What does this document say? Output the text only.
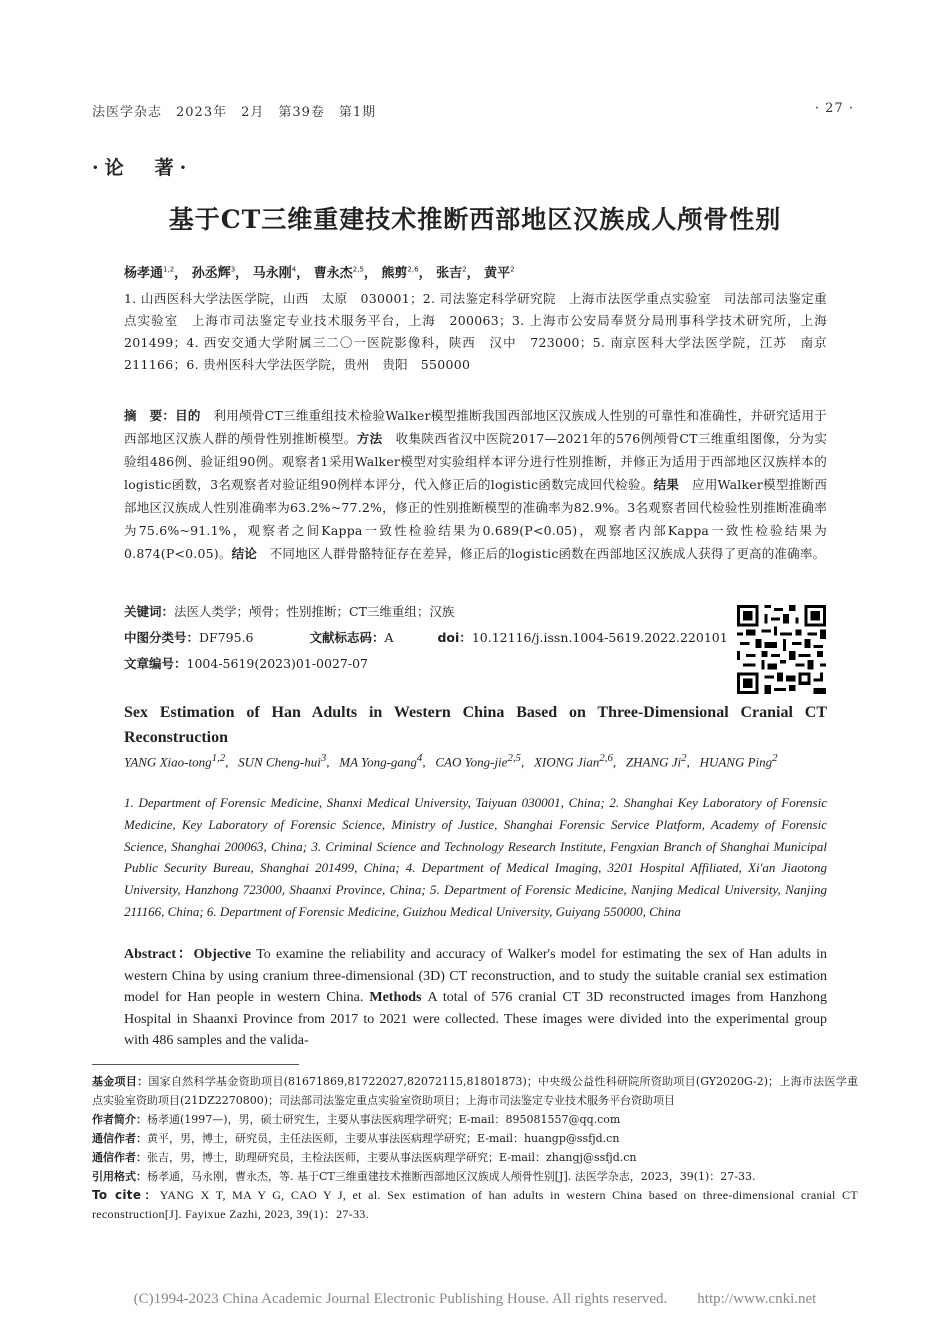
法医学杂志　2023年　2月　第39卷　第1期	· 27 ·
·论　著·
基于CT三维重建技术推断西部地区汉族成人颅骨性别
杨孝通$^{1,2}$， 孙丞辉$^3$， 马永刚$^4$， 曹永杰$^{2,5}$， 熊剪$^{2,6}$， 张吉$^2$， 黄平$^2$
1. 山西医科大学法医学院，山西　太原　030001；2. 司法鉴定科学研究院　上海市法医学重点实验室　司法部司法鉴定重点实验室　上海市司法鉴定专业技术服务平台，上海　200063；3. 上海市公安局奉贤分局刑事科学技术研究所，上海　201499；4. 西安交通大学附属三二〇一医院影像科，陕西　汉中　723000；5. 南京医科大学法医学院，江苏　南京　211166；6. 贵州医科大学法医学院，贵州　贵阳　550000
摘　要：目的　 利用颅骨CT三维重组技术检验Walker模型推断我国西部地区汉族成人性别的可靠性和准确性，并研究适用于西部地区汉族人群的颅骨性别推断模型。方法　 收集陕西省汉中医院2017—2021年的576例颅骨CT三维重组图像，分为实验组486例、验证组90例。观察者1采用Walker模型对实验组样本评分进行性别推断，并修正为适用于西部地区汉族样本的logistic函数，3名观察者对验证组90例样本评分，代入修正后的logistic函数完成回代检验。结果　 应用Walker模型推断西部地区汉族成人性别准确率为63.2%~77.2%，修正的性别推断模型的准确率为82.9%。3名观察者回代检验性别推断准确率为75.6%~91.1%，观察者之间Kappa一致性检验结果为0.689(P<0.05)，观察者内部Kappa一致性检验结果为0.874(P<0.05)。结论　 不同地区人群骨骼特征存在差异，修正后的logistic函数在西部地区汉族成人获得了更高的准确率。
关键词：法医人类学；颅骨；性别推断；CT三维重组；汉族
中图分类号：DF795.6	文献标志码：A	doi：10.12116/j.issn.1004-5619.2022.220101
文章编号：1004-5619(2023)01-0027-07
Sex Estimation of Han Adults in Western China Based on Three-Dimensional Cranial CT Reconstruction
YANG Xiao-tong$^{1,2}$,   SUN Cheng-hui$^3$,   MA Yong-gang$^4$,   CAO Yong-jie$^{2,5}$,   XIONG Jian$^{2,6}$,   ZHANG Ji$^2$,   HUANG Ping$^2$
1. Department of Forensic Medicine, Shanxi Medical University, Taiyuan 030001, China; 2. Shanghai Key Laboratory of Forensic Medicine, Key Laboratory of Forensic Science, Ministry of Justice, Shanghai Forensic Service Platform, Academy of Forensic Science, Shanghai 200063, China; 3. Criminal Science and Technology Research Institute, Fengxian Branch of Shanghai Municipal Public Security Bureau, Shanghai 201499, China; 4. Department of Medical Imaging, 3201 Hospital Affiliated, Xi'an Jiaotong University, Hanzhong 723000, Shaanxi Province, China; 5. Department of Forensic Medicine, Nanjing Medical University, Nanjing 211166, China; 6. Department of Forensic Medicine, Guizhou Medical University, Guiyang 550000, China
Abstract：Objective To examine the reliability and accuracy of Walker's model for estimating the sex of Han adults in western China by using cranium three-dimensional (3D) CT reconstruction, and to study the suitable cranial sex estimation model for Han people in western China. Methods A total of 576 cranial CT 3D reconstructed images from Hanzhong Hospital in Shaanxi Province from 2017 to 2021 were collected. These images were divided into the experimental group with 486 samples and the valida-
基金项目：国家自然科学基金资助项目(81671869,81722027,82072115,81801873)；中央级公益性科研院所资助项目(GY2020G-2)；上海市法医学重点实验室资助项目(21DZ2270800)；司法部司法鉴定重点实验室资助项目；上海市司法鉴定专业技术服务平台资助项目
作者简介：杨孝通(1997—)，男，硕士研究生，主要从事法医病理学研究；E-mail：895081557@qq.com
通信作者：黄平，男，博士，研究员，主任法医师，主要从事法医病理学研究；E-mail：huangp@ssfjd.cn
通信作者：张吉，男，博士，助理研究员，主检法医师，主要从事法医病理学研究；E-mail：zhangj@ssfjd.cn
引用格式：杨孝通，马永刚，曹永杰，等. 基于CT三维重建技术推断西部地区汉族成人颅骨性别[J]. 法医学杂志，2023，39(1)：27-33.
To cite：YANG X T, MA Y G, CAO Y J, et al. Sex estimation of han adults in western China based on three-dimensional cranial CT reconstruction[J]. Fayixue Zazhi, 2023, 39(1)：27-33.
(C)1994-2023 China Academic Journal Electronic Publishing House. All rights reserved.　　http://www.cnki.net
